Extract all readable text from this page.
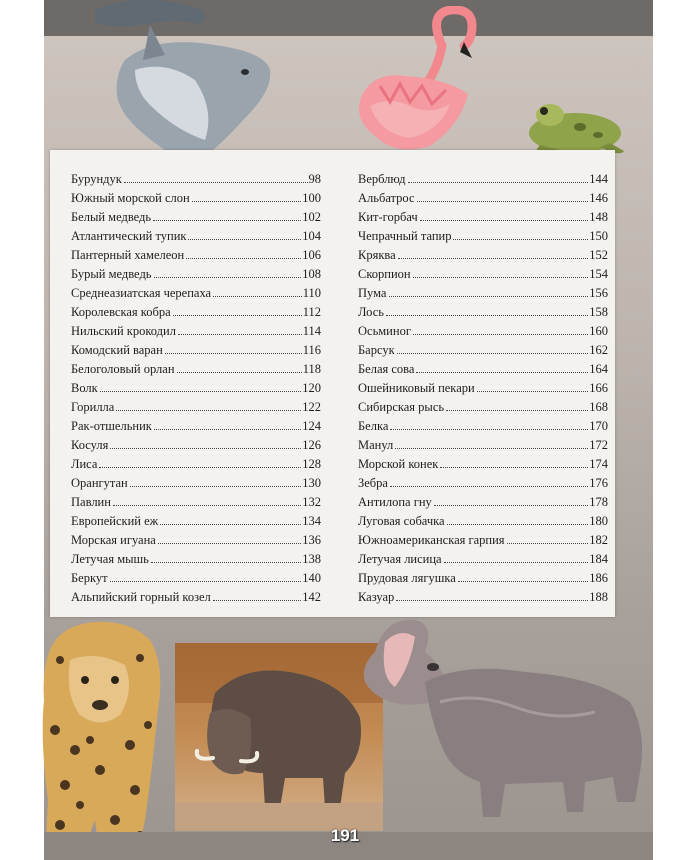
Бурундук	98
Южный морской слон	100
Белый медведь	102
Атлантический тупик	104
Пантерный хамелеон	106
Бурый медведь	108
Среднеазиатская черепаха	110
Королевская кобра	112
Нильский крокодил	114
Комодский варан	116
Белоголовый орлан	118
Волк	120
Горилла	122
Рак-отшельник	124
Косуля	126
Лиса	128
Орангутан	130
Павлин	132
Европейский еж	134
Морская игуана	136
Летучая мышь	138
Беркут	140
Альпийский горный козел	142
Верблюд	144
Альбатрос	146
Кит-горбач	148
Чепрачный тапир	150
Кряква	152
Скорпион	154
Пума	156
Лось	158
Осьминог	160
Барсук	162
Белая сова	164
Ошейниковый пекари	166
Сибирская рысь	168
Белка	170
Манул	172
Морской конек	174
Зебра	176
Антилопа гну	178
Луговая собачка	180
Южноамериканская гарпия	182
Летучая лисица	184
Прудовая лягушка	186
Казуар	188
191
